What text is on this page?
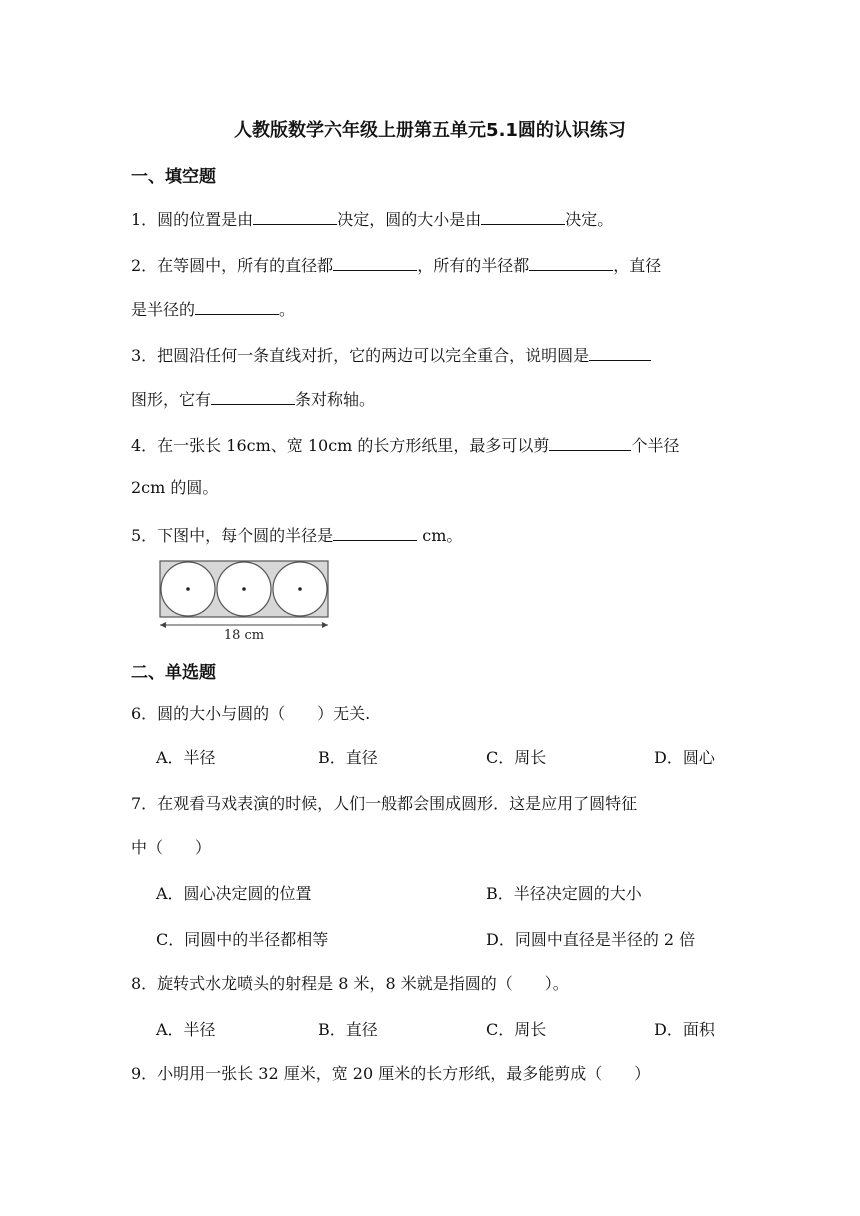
人教版数学六年级上册第五单元5.1圆的认识练习
一、填空题
1．圆的位置是由	决定，圆的大小是由	决定。
2．在等圆中，所有的直径都	，所有的半径都	，直径
是半径的	。
3．把圆沿任何一条直线对折，它的两边可以完全重合，说明圆是
图形，它有	条对称轴。
4．在一张长 16cm、宽 10cm 的长方形纸里，最多可以剪	个半径
2cm 的圆。
5．下图中，每个圆的半径是	cm。
18 cm
二、单选题
6．圆的大小与圆的（　　）无关.
A．半径	B．直径	C．周长	D．圆心
7．在观看马戏表演的时候，人们一般都会围成圆形．这是应用了圆特征
中（　　）
A．圆心决定圆的位置	B．半径决定圆的大小
C．同圆中的半径都相等	D．同圆中直径是半径的 2 倍
8．旋转式水龙喷头的射程是 8 米，8 米就是指圆的（　　）。
A．半径	B．直径	C．周长	D．面积
9．小明用一张长 32 厘米，宽 20 厘米的长方形纸，最多能剪成（　　）
